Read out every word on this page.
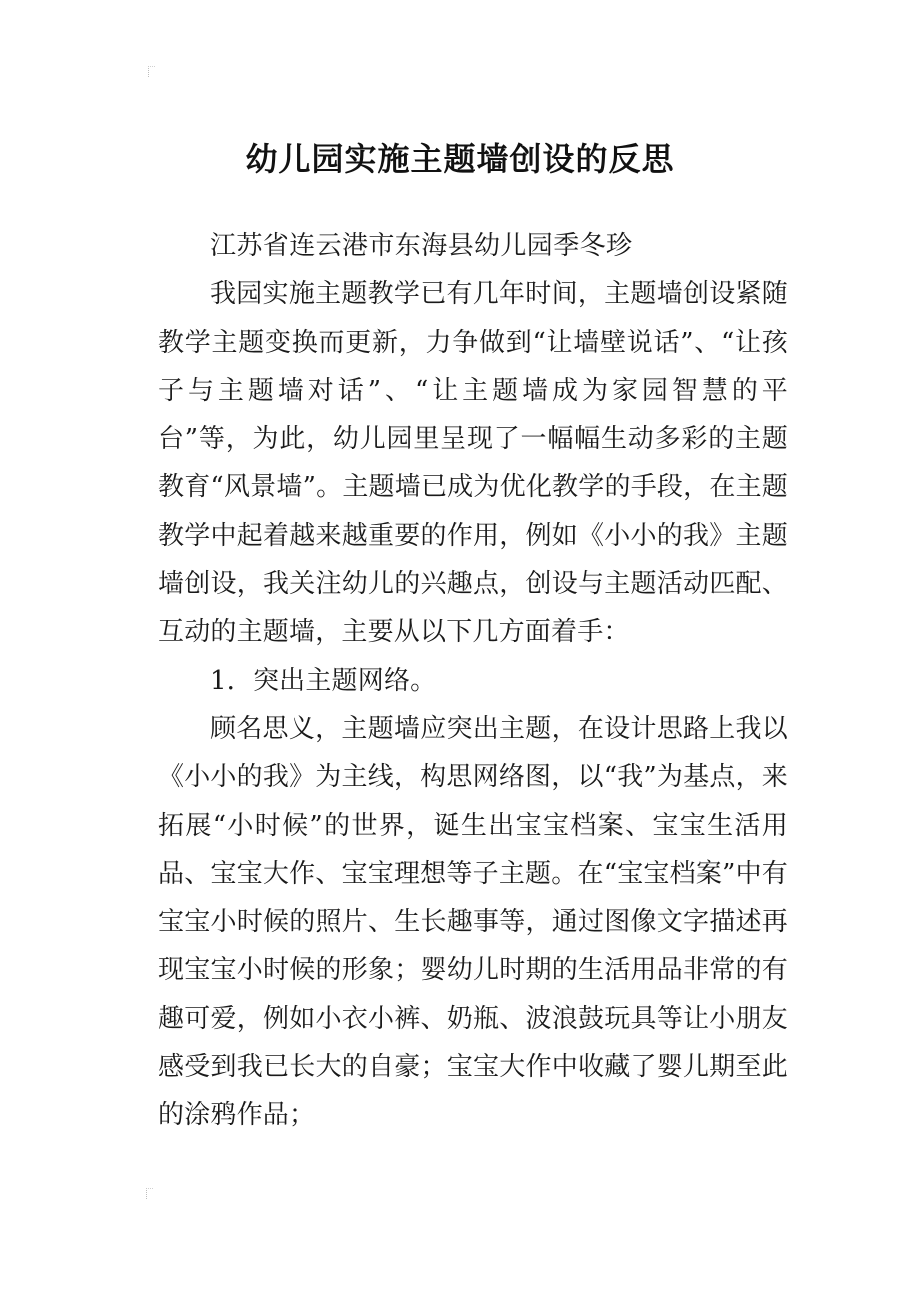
幼儿园实施主题墙创设的反思

江苏省连云港市东海县幼儿园季冬珍

我园实施主题教学已有几年时间，主题墙创设紧随教学主题变换而更新，力争做到“让墙壁说话”、“让孩子与主题墙对话”、“让主题墙成为家园智慧的平台”等，为此，幼儿园里呈现了一幅幅生动多彩的主题教育“风景墙”。主题墙已成为优化教学的手段，在主题教学中起着越来越重要的作用，例如《小小的我》主题墙创设，我关注幼儿的兴趣点，创设与主题活动匹配、互动的主题墙，主要从以下几方面着手：

1．突出主题网络。

顾名思义，主题墙应突出主题，在设计思路上我以《小小的我》为主线，构思网络图，以“我”为基点，来拓展“小时候”的世界，诞生出宝宝档案、宝宝生活用品、宝宝大作、宝宝理想等子主题。在“宝宝档案”中有宝宝小时候的照片、生长趣事等，通过图像文字描述再现宝宝小时候的形象；婴幼儿时期的生活用品非常的有趣可爱，例如小衣小裤、奶瓶、波浪鼓玩具等让小朋友感受到我已长大的自豪；宝宝大作中收藏了婴儿期至此的涂鸦作品；
